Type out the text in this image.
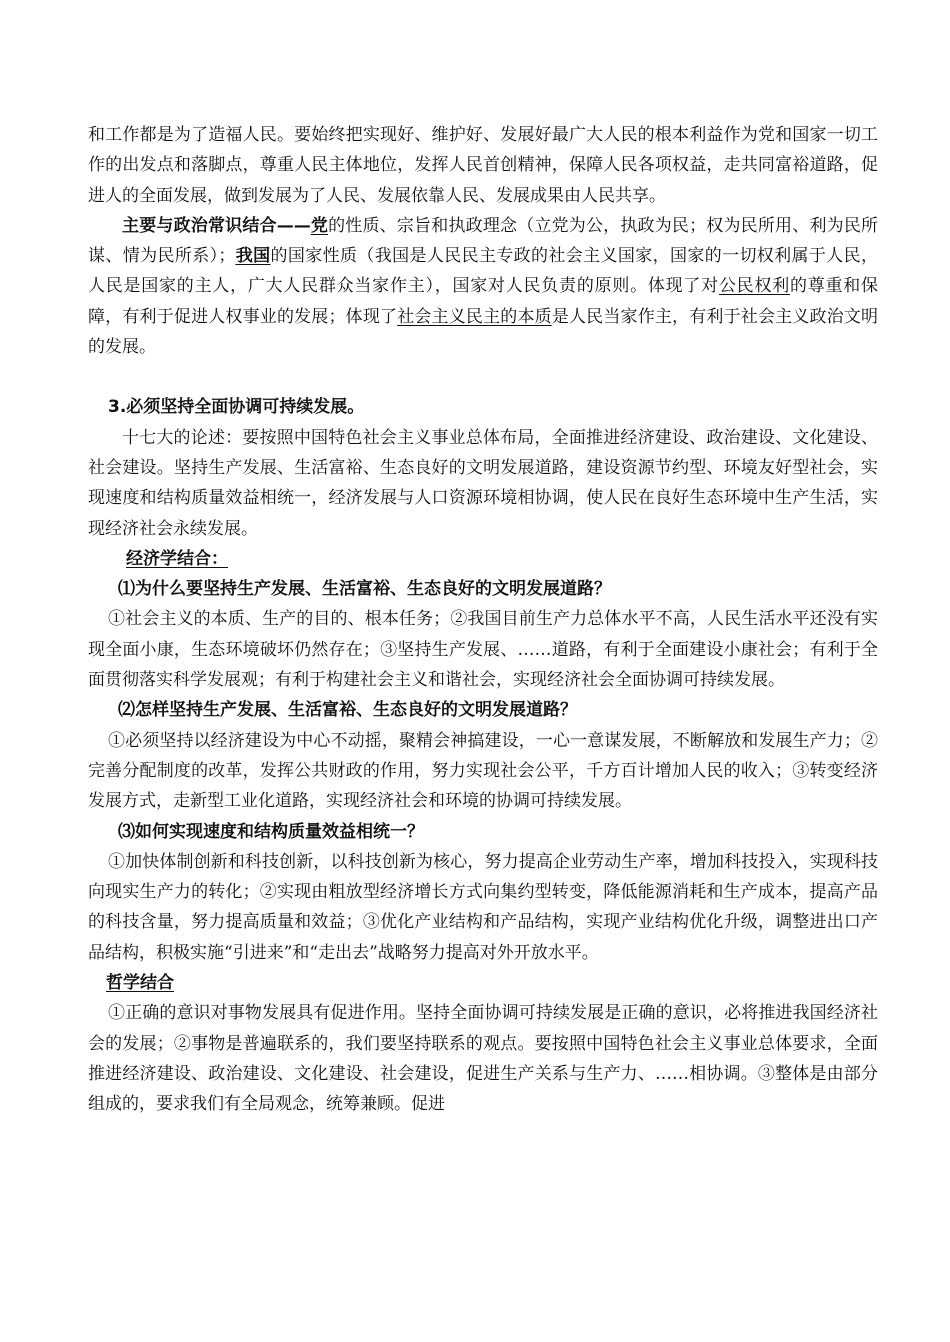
和工作都是为了造福人民。要始终把实现好、维护好、发展好最广大人民的根本利益作为党和国家一切工作的出发点和落脚点，尊重人民主体地位，发挥人民首创精神，保障人民各项权益，走共同富裕道路，促进人的全面发展，做到发展为了人民、发展依靠人民、发展成果由人民共享。

主要与政治常识结合——党的性质、宗旨和执政理念（立党为公，执政为民；权为民所用、利为民所谋、情为民所系）；我国的国家性质（我国是人民民主专政的社会主义国家，国家的一切权利属于人民，人民是国家的主人，广大人民群众当家作主），国家对人民负责的原则。体现了对公民权利的尊重和保障，有利于促进人权事业的发展；体现了社会主义民主的本质是人民当家作主，有利于社会主义政治文明的发展。

3.必须坚持全面协调可持续发展。

十七大的论述：要按照中国特色社会主义事业总体布局，全面推进经济建设、政治建设、文化建设、社会建设。坚持生产发展、生活富裕、生态良好的文明发展道路，建设资源节约型、环境友好型社会，实现速度和结构质量效益相统一，经济发展与人口资源环境相协调，使人民在良好生态环境中生产生活，实现经济社会永续发展。

经济学结合：

⑴为什么要坚持生产发展、生活富裕、生态良好的文明发展道路？

①社会主义的本质、生产的目的、根本任务；②我国目前生产力总体水平不高，人民生活水平还没有实现全面小康，生态环境破坏仍然存在；③坚持生产发展、……道路，有利于全面建设小康社会；有利于全面贯彻落实科学发展观；有利于构建社会主义和谐社会，实现经济社会全面协调可持续发展。

⑵怎样坚持生产发展、生活富裕、生态良好的文明发展道路？

①必须坚持以经济建设为中心不动摇，聚精会神搞建设，一心一意谋发展，不断解放和发展生产力；②完善分配制度的改革，发挥公共财政的作用，努力实现社会公平，千方百计增加人民的收入；③转变经济发展方式，走新型工业化道路，实现经济社会和环境的协调可持续发展。

⑶如何实现速度和结构质量效益相统一？

①加快体制创新和科技创新，以科技创新为核心，努力提高企业劳动生产率，增加科技投入，实现科技向现实生产力的转化；②实现由粗放型经济增长方式向集约型转变，降低能源消耗和生产成本，提高产品的科技含量，努力提高质量和效益；③优化产业结构和产品结构，实现产业结构优化升级，调整进出口产品结构，积极实施“引进来”和“走出去”战略努力提高对外开放水平。

哲学结合

①正确的意识对事物发展具有促进作用。坚持全面协调可持续发展是正确的意识，必将推进我国经济社会的发展；②事物是普遍联系的，我们要坚持联系的观点。要按照中国特色社会主义事业总体要求，全面推进经济建设、政治建设、文化建设、社会建设，促进生产关系与生产力、……相协调。③整体是由部分组成的，要求我们有全局观念，统筹兼顾。促进
